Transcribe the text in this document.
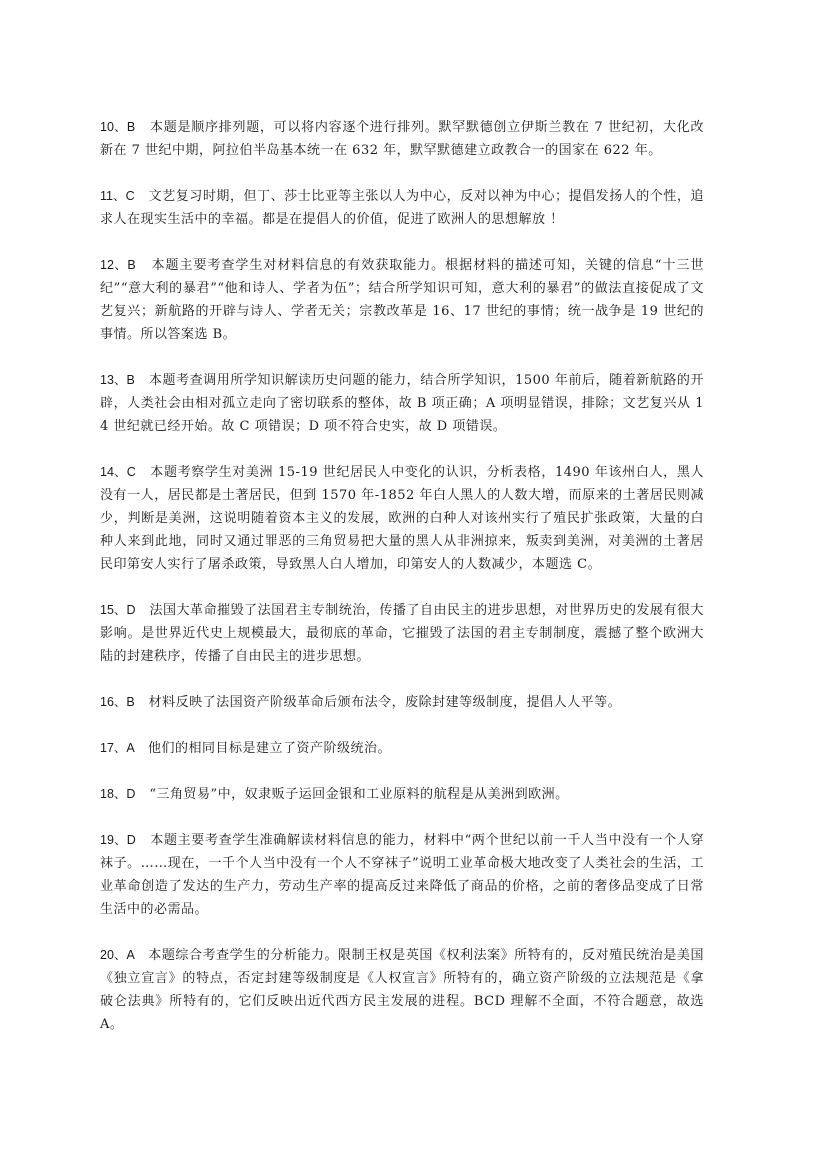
10、B    本题是顺序排列题，可以将内容逐个进行排列。默罕默德创立伊斯兰教在 7 世纪初，大化改新在 7 世纪中期，阿拉伯半岛基本统一在 632 年，默罕默德建立政教合一的国家在 622 年。

11、C    文艺复习时期，但丁、莎士比亚等主张以人为中心，反对以神为中心；提倡发扬人的个性，追求人在现实生活中的幸福。都是在提倡人的价值，促进了欧洲人的思想解放 ！

12、B    本题主要考查学生对材料信息的有效获取能力。根据材料的描述可知，关键的信息“十三世纪”“意大利的暴君”“他和诗人、学者为伍”；结合所学知识可知，意大利的暴君”的做法直接促成了文艺复兴；新航路的开辟与诗人、学者无关；宗教改革是 16、17 世纪的事情；统一战争是 19 世纪的事情。所以答案选 B。

13、B    本题考查调用所学知识解读历史问题的能力，结合所学知识，1500 年前后，随着新航路的开辟，人类社会由相对孤立走向了密切联系的整体，故 B 项正确；A 项明显错误，排除；文艺复兴从 14 世纪就已经开始。故 C 项错误；D 项不符合史实，故 D 项错误。

14、C    本题考察学生对美洲 15-19 世纪居民人中变化的认识，分析表格，1490 年该州白人，黑人没有一人，居民都是土著居民，但到 1570 年-1852 年白人黑人的人数大增，而原来的土著居民则减少，判断是美洲，这说明随着资本主义的发展，欧洲的白种人对该州实行了殖民扩张政策，大量的白种人来到此地，同时又通过罪恶的三角贸易把大量的黑人从非洲掠来，叛卖到美洲，对美洲的土著居民印第安人实行了屠杀政策，导致黑人白人增加，印第安人的人数减少，本题选 C。

15、D    法国大革命摧毁了法国君主专制统治，传播了自由民主的进步思想，对世界历史的发展有很大影响。是世界近代史上规模最大，最彻底的革命，它摧毁了法国的君主专制制度，震撼了整个欧洲大陆的封建秩序，传播了自由民主的进步思想。

16、B    材料反映了法国资产阶级革命后颁布法令，废除封建等级制度，提倡人人平等。

17、A    他们的相同目标是建立了资产阶级统治。

18、D    “三角贸易”中，奴隶贩子运回金银和工业原料的航程是从美洲到欧洲。

19、D    本题主要考查学生准确解读材料信息的能力，材料中“两个世纪以前一千人当中没有一个人穿袜子。……现在，一千个人当中没有一个人不穿袜子”说明工业革命极大地改变了人类社会的生活，工业革命创造了发达的生产力，劳动生产率的提高反过来降低了商品的价格，之前的奢侈品变成了日常生活中的必需品。

20、A    本题综合考查学生的分析能力。限制王权是英国《权利法案》所特有的，反对殖民统治是美国《独立宣言》的特点，否定封建等级制度是《人权宣言》所特有的，确立资产阶级的立法规范是《拿破仑法典》所特有的，它们反映出近代西方民主发展的进程。BCD 理解不全面，不符合题意，故选 A。
